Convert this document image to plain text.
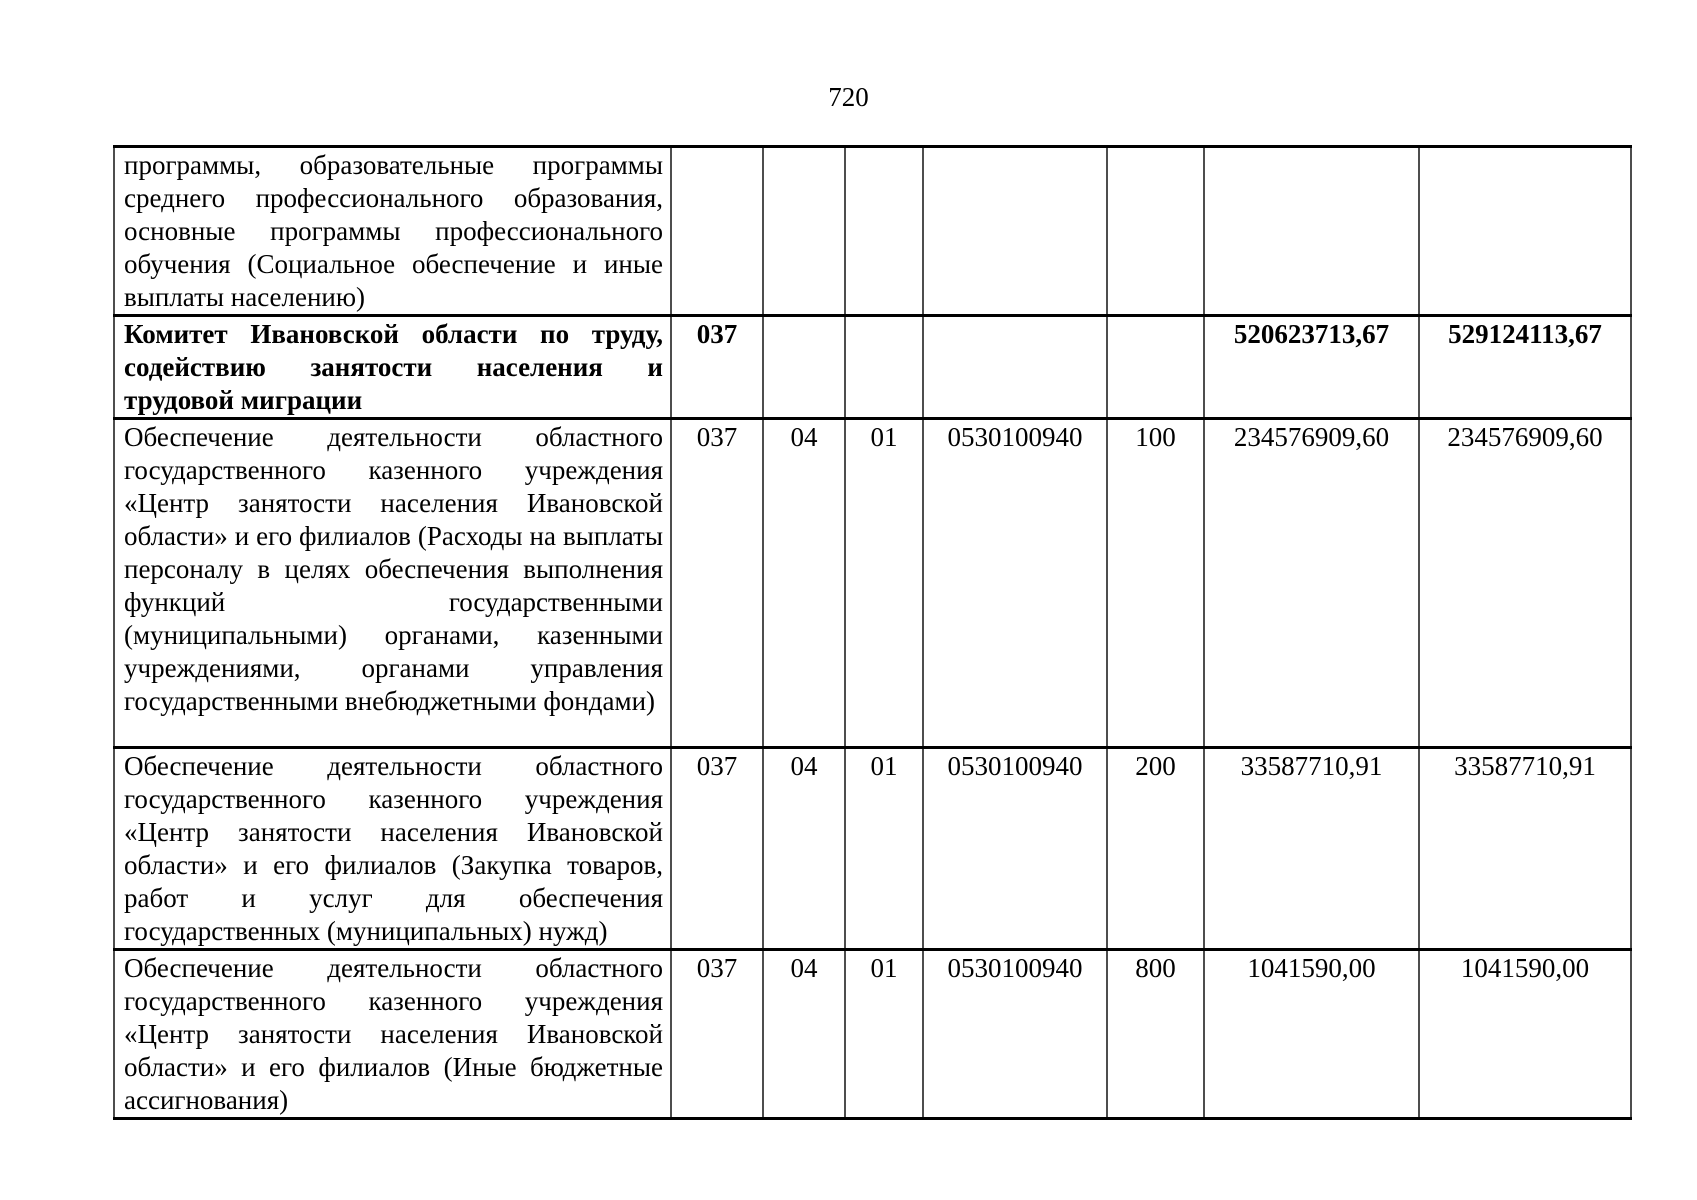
720
программы, образовательные программы среднего профессионального образования, основные программы профессионального обучения (Социальное обеспечение и иные выплаты населению)							
Комитет Ивановской области по труду, содействию занятости населения и трудовой миграции	037					520623713,67	529124113,67
Обеспечение деятельности областного государственного казенного учреждения «Центр занятости населения Ивановской области» и его филиалов (Расходы на выплаты персоналу в целях обеспечения выполнения функций государственными (муниципальными) органами, казенными учреждениями, органами управления государственными внебюджетными фондами)	037	04	01	0530100940	100	234576909,60	234576909,60
Обеспечение деятельности областного государственного казенного учреждения «Центр занятости населения Ивановской области» и его филиалов (Закупка товаров, работ и услуг для обеспечения государственных (муниципальных) нужд)	037	04	01	0530100940	200	33587710,91	33587710,91
Обеспечение деятельности областного государственного казенного учреждения «Центр занятости населения Ивановской области» и его филиалов (Иные бюджетные ассигнования)	037	04	01	0530100940	800	1041590,00	1041590,00
